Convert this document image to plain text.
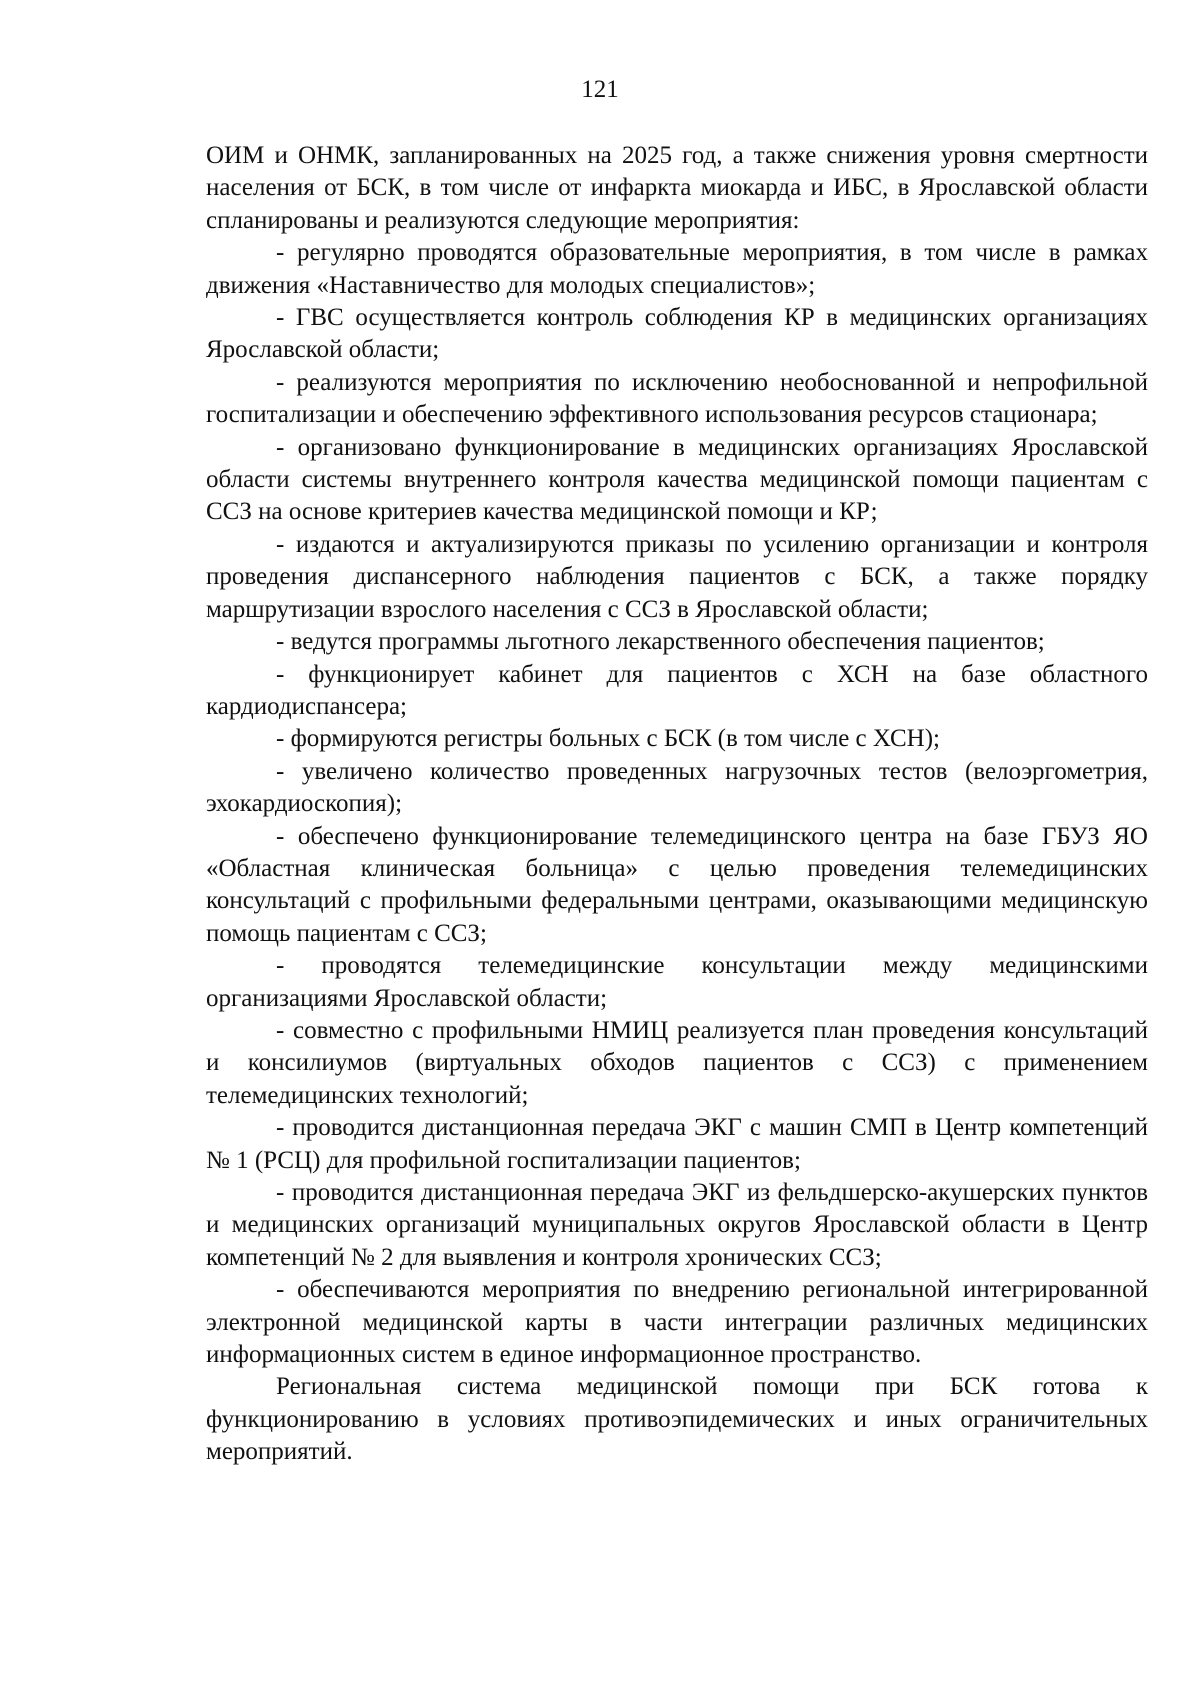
121

ОИМ и ОНМК, запланированных на 2025 год, а также снижения уровня смертности населения от БСК, в том числе от инфаркта миокарда и ИБС, в Ярославской области спланированы и реализуются следующие мероприятия:

- регулярно проводятся образовательные мероприятия, в том числе в рамках движения «Наставничество для молодых специалистов»;

- ГВС осуществляется контроль соблюдения КР в медицинских организациях Ярославской области;

- реализуются мероприятия по исключению необоснованной и непрофильной госпитализации и обеспечению эффективного использования ресурсов стационара;

- организовано функционирование в медицинских организациях Ярославской области системы внутреннего контроля качества медицинской помощи пациентам с ССЗ на основе критериев качества медицинской помощи и КР;

- издаются и актуализируются приказы по усилению организации и контроля проведения диспансерного наблюдения пациентов с БСК, а также порядку маршрутизации взрослого населения с ССЗ в Ярославской области;

- ведутся программы льготного лекарственного обеспечения пациентов;

- функционирует кабинет для пациентов с ХСН на базе областного кардиодиспансера;

- формируются регистры больных с БСК (в том числе с ХСН);

- увеличено количество проведенных нагрузочных тестов (велоэргометрия, эхокардиоскопия);

- обеспечено функционирование телемедицинского центра на базе ГБУЗ ЯО «Областная клиническая больница» с целью проведения телемедицинских консультаций с профильными федеральными центрами, оказывающими медицинскую помощь пациентам с ССЗ;

- проводятся телемедицинские консультации между медицинскими организациями Ярославской области;

- совместно с профильными НМИЦ реализуется план проведения консультаций и консилиумов (виртуальных обходов пациентов с ССЗ) с применением телемедицинских технологий;

- проводится дистанционная передача ЭКГ с машин СМП в Центр компетенций № 1 (РСЦ) для профильной госпитализации пациентов;

- проводится дистанционная передача ЭКГ из фельдшерско-акушерских пунктов и медицинских организаций муниципальных округов Ярославской области в Центр компетенций № 2 для выявления и контроля хронических ССЗ;

- обеспечиваются мероприятия по внедрению региональной интегрированной электронной медицинской карты в части интеграции различных медицинских информационных систем в единое информационное пространство.

Региональная система медицинской помощи при БСК готова к функционированию в условиях противоэпидемических и иных ограничительных мероприятий.
